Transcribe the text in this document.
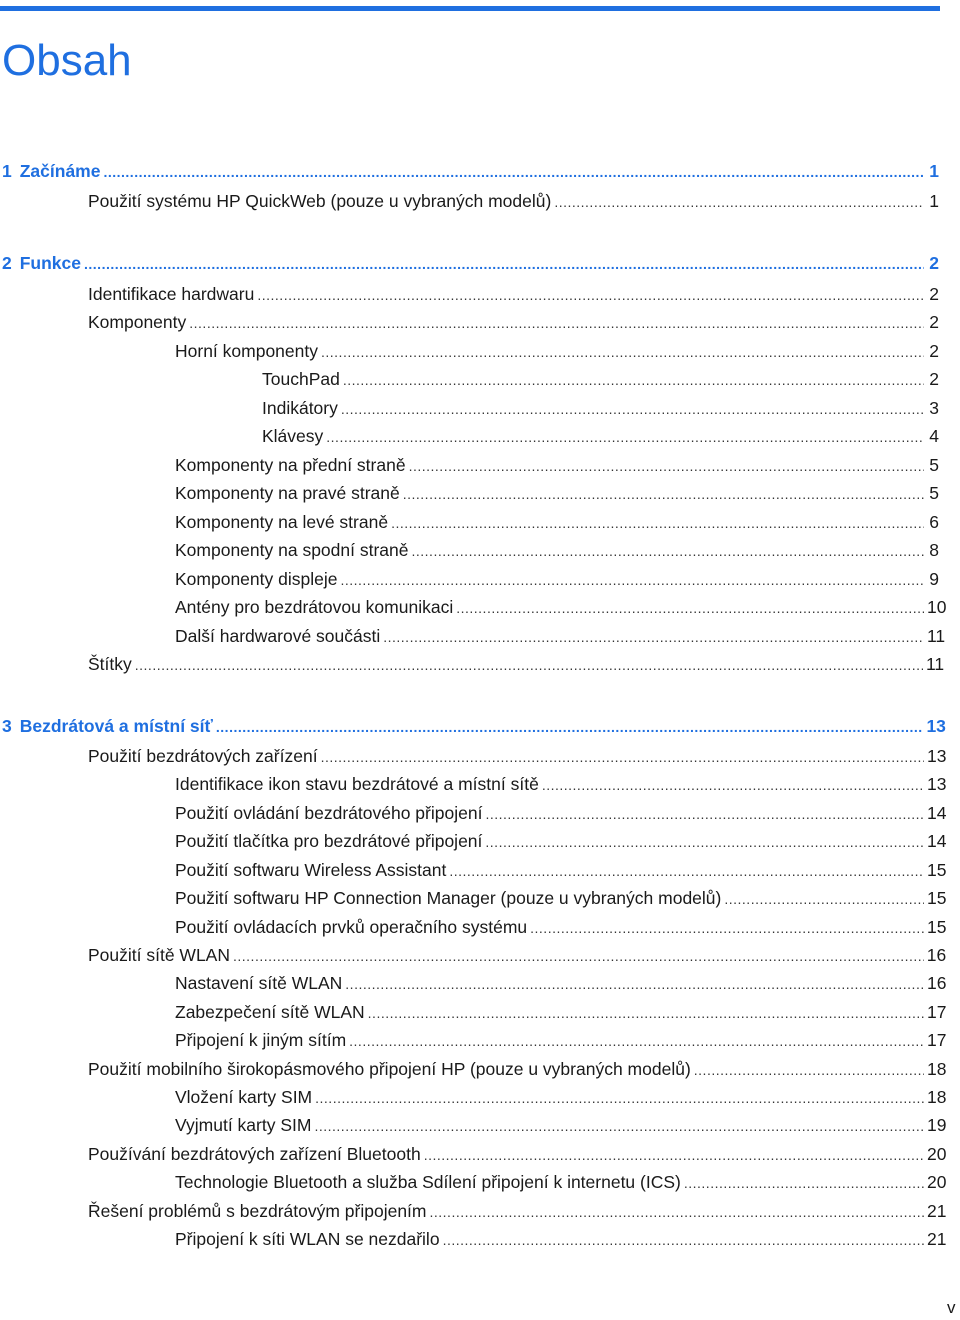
Obsah
1 Začínáme .....	1
Použití systému HP QuickWeb (pouze u vybraných modelů) .....	1
2 Funkce .....	2
Identifikace hardwaru .....	2
Komponenty .....	2
Horní komponenty .....	2
TouchPad .....	2
Indikátory .....	3
Klávesy .....	4
Komponenty na přední straně .....	5
Komponenty na pravé straně .....	5
Komponenty na levé straně .....	6
Komponenty na spodní straně .....	8
Komponenty displeje .....	9
Antény pro bezdrátovou komunikaci .....	10
Další hardwarové součásti .....	11
Štítky .....	11
3 Bezdrátová a místní síť .....	13
Použití bezdrátových zařízení .....	13
Identifikace ikon stavu bezdrátové a místní sítě .....	13
Použití ovládání bezdrátového připojení .....	14
Použití tlačítka pro bezdrátové připojení .....	14
Použití softwaru Wireless Assistant .....	15
Použití softwaru HP Connection Manager (pouze u vybraných modelů) .....	15
Použití ovládacích prvků operačního systému .....	15
Použití sítě WLAN .....	16
Nastavení sítě WLAN .....	16
Zabezpečení sítě WLAN .....	17
Připojení k jiným sítím .....	17
Použití mobilního širokopásmového připojení HP (pouze u vybraných modelů) .....	18
Vložení karty SIM .....	18
Vyjmutí karty SIM .....	19
Používání bezdrátových zařízení Bluetooth .....	20
Technologie Bluetooth a služba Sdílení připojení k internetu (ICS) .....	20
Řešení problémů s bezdrátovým připojením .....	21
Připojení k síti WLAN se nezdařilo .....	21
v
